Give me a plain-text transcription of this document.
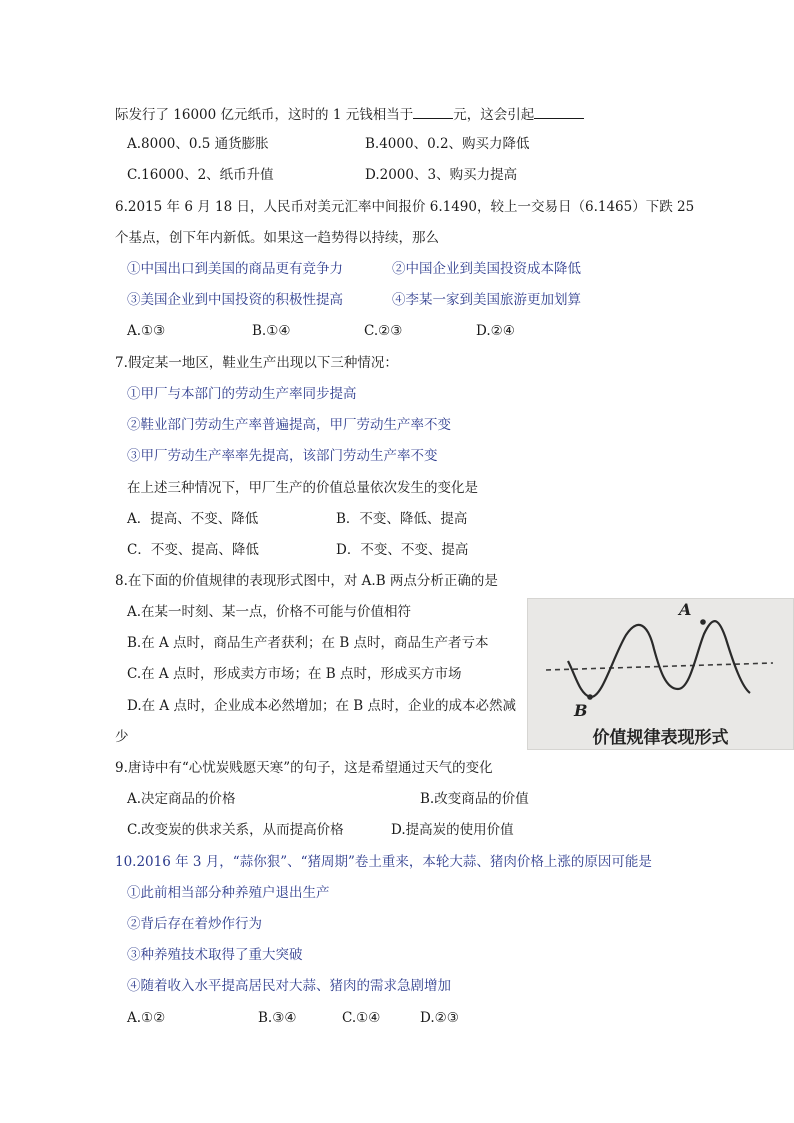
际发行了 16000 亿元纸币，这时的 1 元钱相当于	元，这会引起
A.8000、0.5 通货膨胀	B.4000、0.2、购买力降低
C.16000、2、纸币升值	D.2000、3、购买力提高
6.2015 年 6 月 18 日，人民币对美元汇率中间报价 6.1490，较上一交易日（6.1465）下跌 25
个基点，创下年内新低。如果这一趋势得以持续，那么
①中国出口到美国的商品更有竞争力	②中国企业到美国投资成本降低
③美国企业到中国投资的积极性提高	④李某一家到美国旅游更加划算
A.①③	B.①④	C.②③	D.②④
7.假定某一地区，鞋业生产出现以下三种情况：
①甲厂与本部门的劳动生产率同步提高
②鞋业部门劳动生产率普遍提高，甲厂劳动生产率不变
③甲厂劳动生产率率先提高，该部门劳动生产率不变
在上述三种情况下，甲厂生产的价值总量依次发生的变化是
A．提高、不变、降低	B．不变、降低、提高
C．不变、提高、降低	D．不变、不变、提高
8.在下面的价值规律的表现形式图中，对 A.B 两点分析正确的是
A.在某一时刻、某一点，价格不可能与价值相符
B.在 A 点时，商品生产者获利；在 B 点时，商品生产者亏本
C.在 A 点时，形成卖方市场；在 B 点时，形成买方市场
D.在 A 点时，企业成本必然增加；在 B 点时，企业的成本必然减
少
A
B
价值规律表现形式
9.唐诗中有“心忧炭贱愿天寒”的句子，这是希望通过天气的变化
A.决定商品的价格	B.改变商品的价值
C.改变炭的供求关系，从而提高价格	D.提高炭的使用价值
10.2016 年 3 月，“蒜你狠”、“猪周期”卷土重来，本轮大蒜、猪肉价格上涨的原因可能是
①此前相当部分种养殖户退出生产
②背后存在着炒作行为
③种养殖技术取得了重大突破
④随着收入水平提高居民对大蒜、猪肉的需求急剧增加
A.①②	B.③④	C.①④	D.②③
